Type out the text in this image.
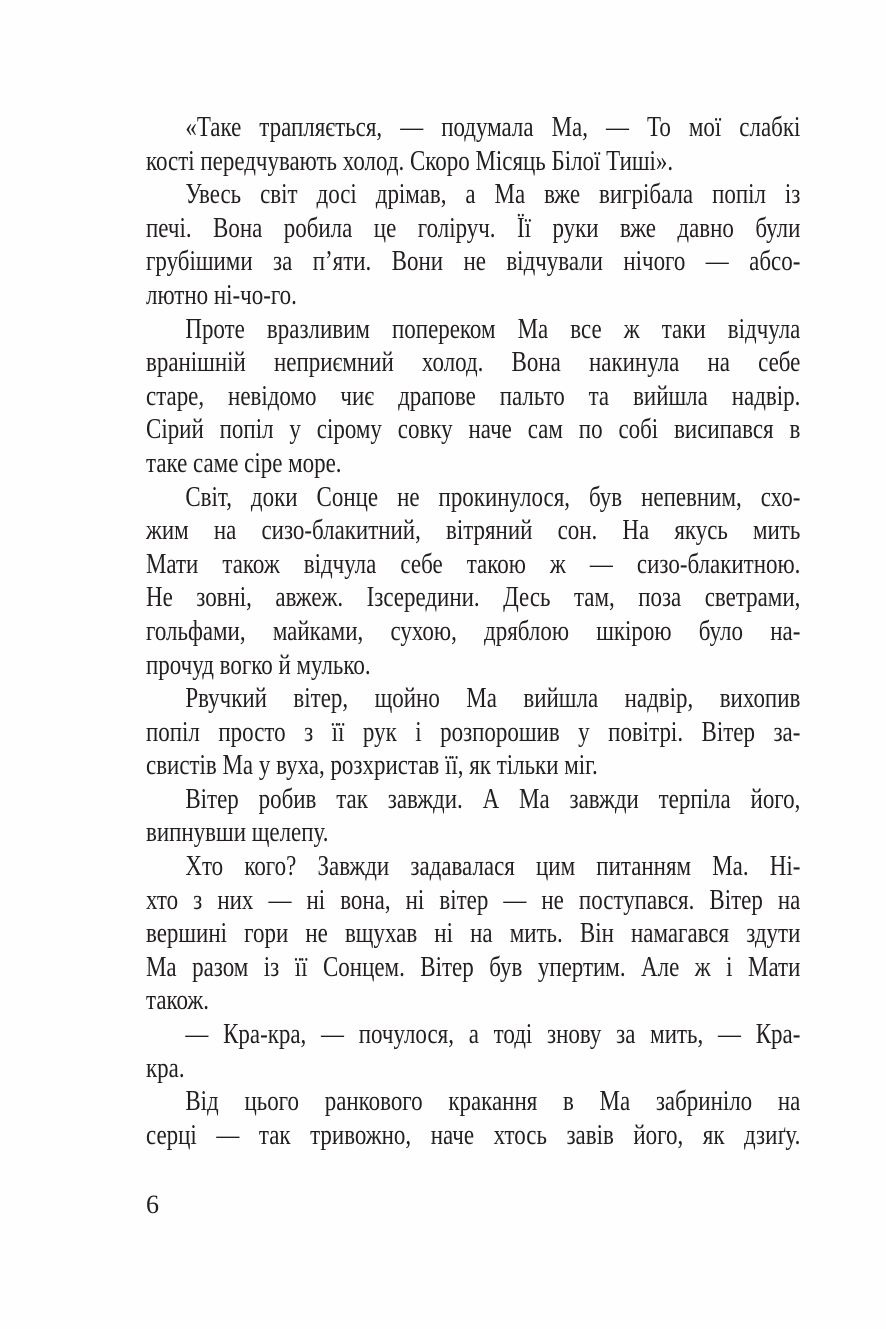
«Таке трапляється, — подумала Ма, — То мої слабкі
кості передчувають холод. Скоро Місяць Білої Тиші».
Увесь світ досі дрімав, а Ма вже вигрібала попіл із
печі. Вона робила це голіруч. Її руки вже давно були
грубішими за п’яти. Вони не відчували нічого — абсо-
лютно ні-чо-го.
Проте вразливим попереком Ма все ж таки відчула
вранішній неприємний холод. Вона накинула на себе
старе, невідомо чиє драпове пальто та вийшла надвір.
Сірий попіл у сірому совку наче сам по собі висипався в
таке саме сіре море.
Світ, доки Сонце не прокинулося, був непевним, схо-
жим на сизо-блакитний, вітряний сон. На якусь мить
Мати також відчула себе такою ж — сизо-блакитною.
Не зовні, авжеж. Ізсередини. Десь там, поза светрами,
гольфами, майками, сухою, дряблою шкірою було на-
прочуд вогко й мулько.
Рвучкий вітер, щойно Ма вийшла надвір, вихопив
попіл просто з її рук і розпорошив у повітрі. Вітер за-
свистів Ма у вуха, розхристав її, як тільки міг.
Вітер робив так завжди. А Ма завжди терпіла його,
випнувши щелепу.
Хто кого? Завжди задавалася цим питанням Ма. Ні-
хто з них — ні вона, ні вітер — не поступався. Вітер на
вершині гори не вщухав ні на мить. Він намагався здути
Ма разом із її Сонцем. Вітер був упертим. Але ж і Мати
також.
— Кра-кра, — почулося, а тоді знову за мить, — Кра-
кра.
Від цього ранкового кракання в Ма забриніло на
серці — так тривожно, наче хтось завів його, як дзиґу.
6
